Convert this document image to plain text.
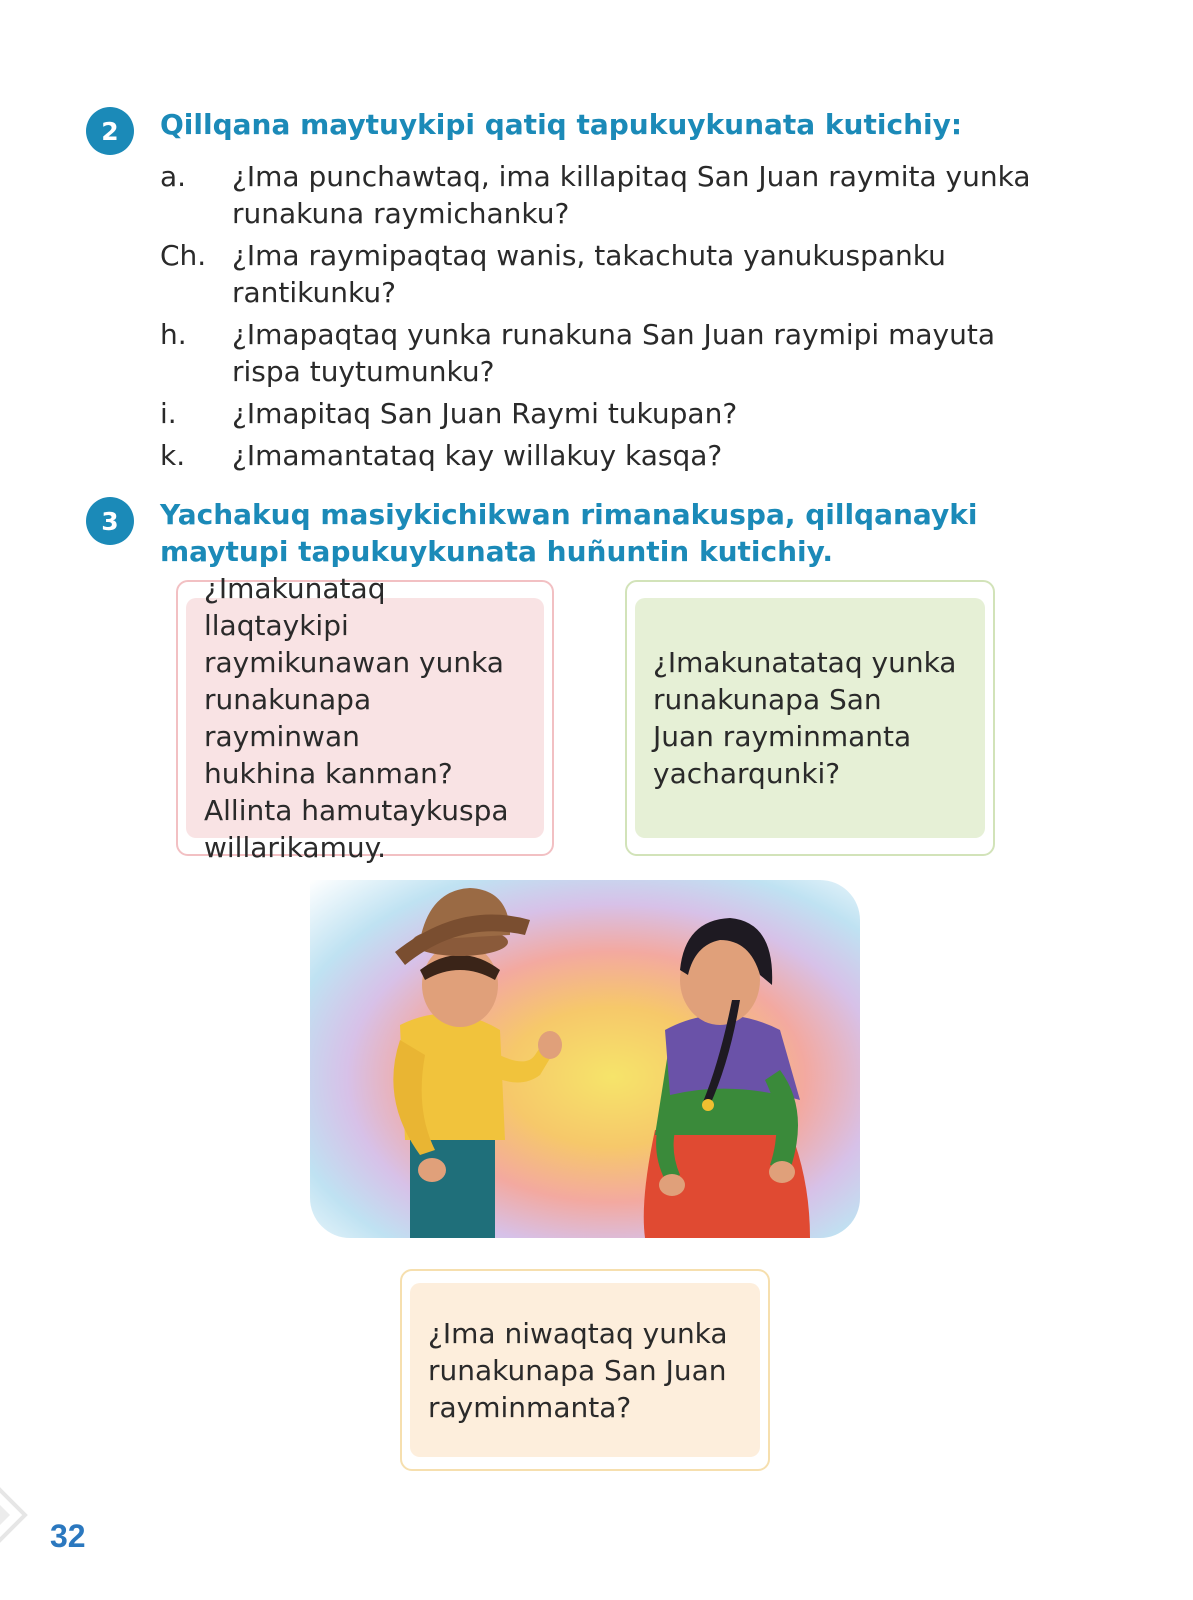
2	Qillqana maytuykipi qatiq tapukuykunata kutichiy:
a.	¿Ima punchawtaq, ima killapitaq San Juan raymita yunka runakuna raymichanku?
Ch. ¿Ima raymipaqtaq wanis, takachuta yanukuspanku rantikunku?
h.	¿Imapaqtaq yunka runakuna San Juan raymipi mayuta rispa tuytumunku?
i.	¿Imapitaq San Juan Raymi tukupan?
k.	¿Imamantataq kay willakuy kasqa?
3	Yachakuq masiykichikwan rimanakuspa, qillqanayki maytupi tapukuykunata huñuntin kutichiy.
¿Imakunataq llaqtaykipi
raymikunawan yunka
runakunapa rayminwan
hukhina kanman?
Allinta hamutaykuspa
willarikamuy.
¿Imakunatataq yunka
runakunapa San
Juan rayminmanta
yacharqunki?
¿Ima niwaqtaq yunka
runakunapa San Juan
rayminmanta?
32
